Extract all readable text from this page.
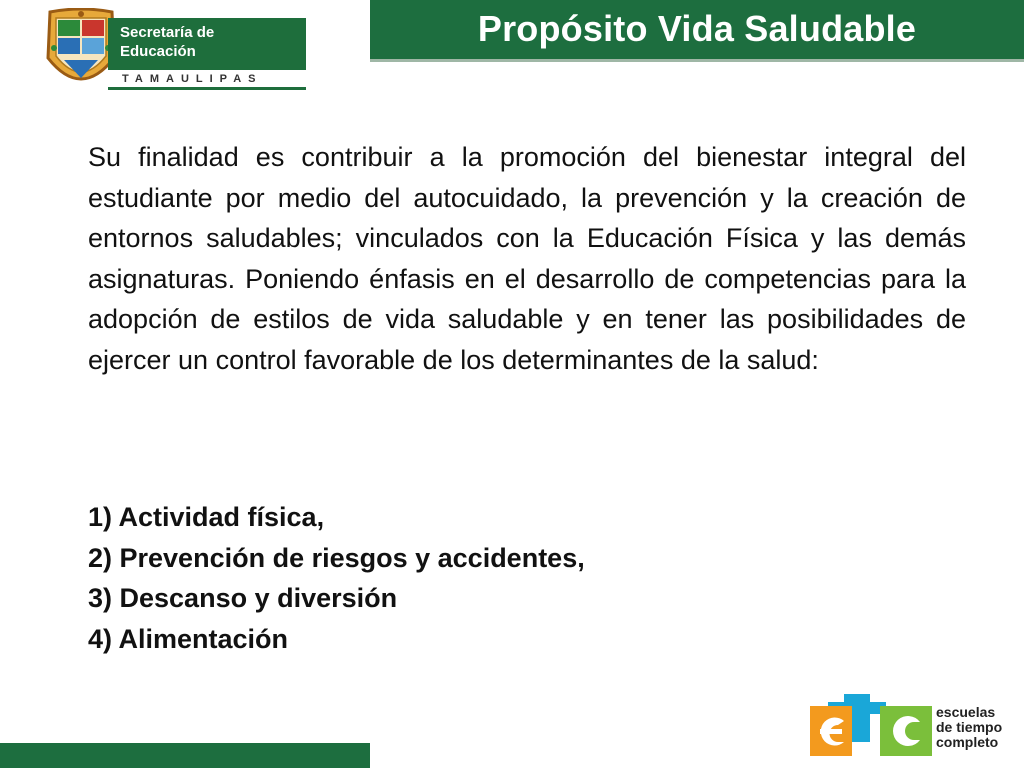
Propósito Vida Saludable
Secretaría de
Educación
TAMAULIPAS
Su finalidad es contribuir a la promoción del bienestar integral del estudiante por medio del autocuidado, la prevención y la creación de entornos saludables; vinculados con la Educación Física y las demás asignaturas. Poniendo énfasis en el desarrollo de competencias para la adopción de estilos de vida saludable y en tener las posibilidades de ejercer un control favorable de los determinantes de la salud:
1) Actividad física,
2) Prevención de riesgos y accidentes,
3) Descanso y diversión
4) Alimentación
escuelas
de tiempo
completo
